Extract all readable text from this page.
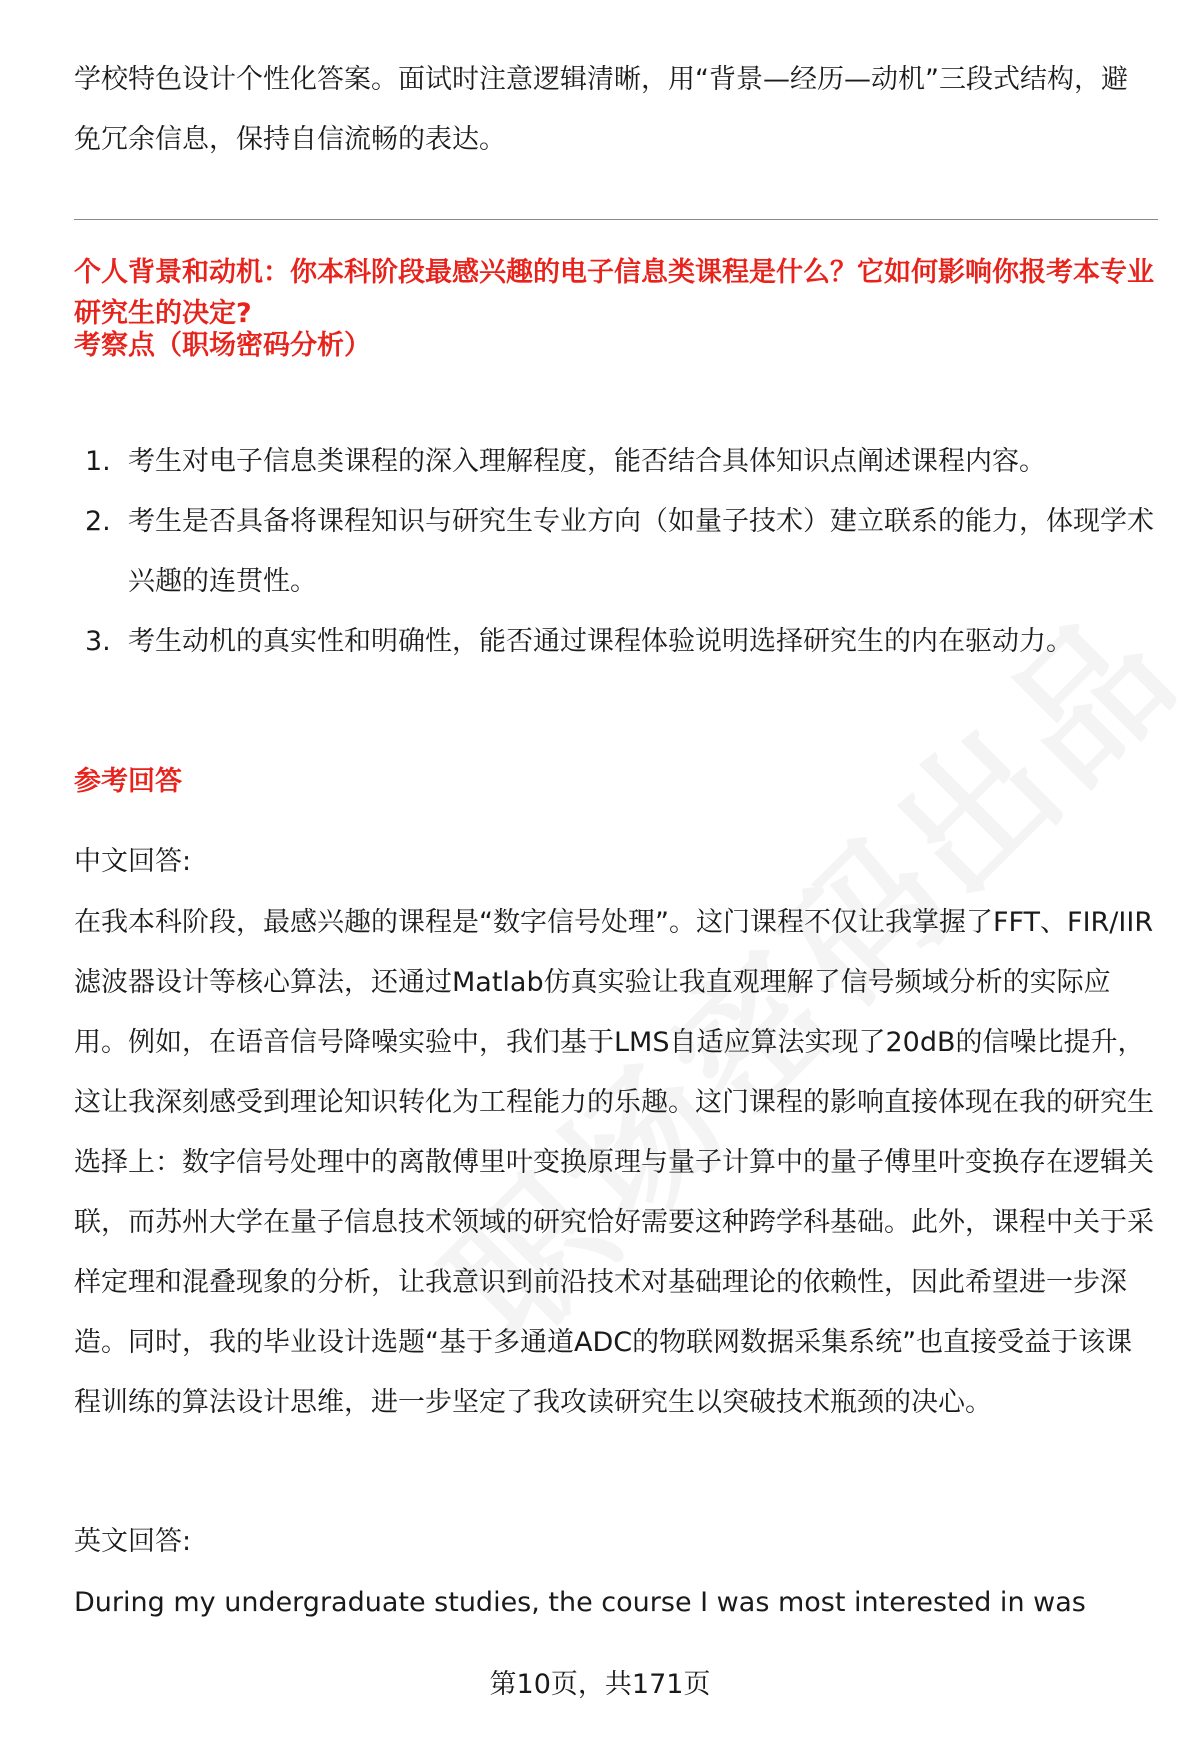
学校特色设计个性化答案。面试时注意逻辑清晰，用“背景—经历—动机”三段式结构，避免冗余信息，保持自信流畅的表达。

个人背景和动机：你本科阶段最感兴趣的电子信息类课程是什么？它如何影响你报考本专业研究生的决定?
考察点（职场密码分析）
1. 考生对电子信息类课程的深入理解程度，能否结合具体知识点阐述课程内容。
2. 考生是否具备将课程知识与研究生专业方向（如量子技术）建立联系的能力，体现学术兴趣的连贯性。
3. 考生动机的真实性和明确性，能否通过课程体验说明选择研究生的内在驱动力。
参考回答
中文回答:

在我本科阶段，最感兴趣的课程是“数字信号处理”。这门课程不仅让我掌握了FFT、FIR/IIR滤波器设计等核心算法，还通过Matlab仿真实验让我直观理解了信号频域分析的实际应用。例如，在语音信号降噪实验中，我们基于LMS自适应算法实现了20dB的信噪比提升，这让我深刻感受到理论知识转化为工程能力的乐趣。这门课程的影响直接体现在我的研究生选择上：数字信号处理中的离散傅里叶变换原理与量子计算中的量子傅里叶变换存在逻辑关联，而苏州大学在量子信息技术领域的研究恰好需要这种跨学科基础。此外，课程中关于采样定理和混叠现象的分析，让我意识到前沿技术对基础理论的依赖性，因此希望进一步深造。同时，我的毕业设计选题“基于多通道ADC的物联网数据采集系统”也直接受益于该课程训练的算法设计思维，进一步坚定了我攻读研究生以突破技术瓶颈的决心。

英文回答:
During my undergraduate studies, the course I was most interested in was
第10页，共171页
